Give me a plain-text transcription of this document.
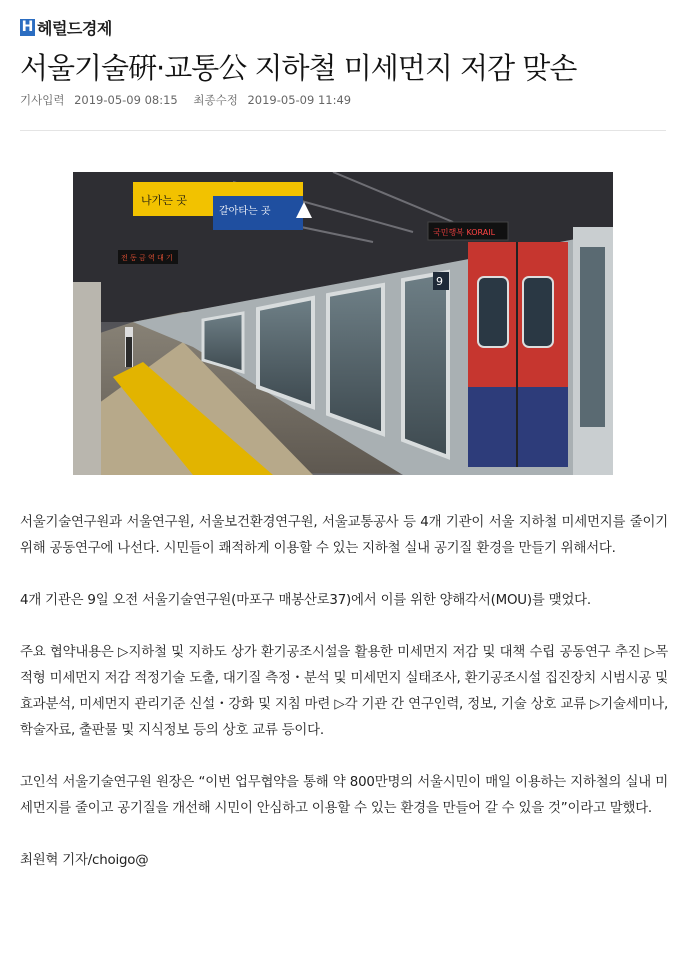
H 헤럴드경제
서울기술硏·교통公 지하철 미세먼지 저감 맞손
기사입력 2019-05-09 08:15 최종수정 2019-05-09 11:49
9
국민행복 KORAIL
나가는 곳
갈아타는 곳
전 동 금 역 대 기

서울기술연구원과 서울연구원, 서울보건환경연구원, 서울교통공사 등 4개 기관이 서울 지하철 미세먼지를 줄이기 위해 공동연구에 나선다. 시민들이 쾌적하게 이용할 수 있는 지하철 실내 공기질 환경을 만들기 위해서다.

4개 기관은 9일 오전 서울기술연구원(마포구 매봉산로37)에서 이를 위한 양해각서(MOU)를 맺었다.

주요 협약내용은 ▷지하철 및 지하도 상가 환기공조시설을 활용한 미세먼지 저감 및 대책 수립 공동연구 추진 ▷목적형 미세먼지 저감 적정기술 도출, 대기질 측정・분석 및 미세먼지 실태조사, 환기공조시설 집진장치 시범시공 및 효과분석, 미세먼지 관리기준 신설・강화 및 지침 마련 ▷각 기관 간 연구인력, 정보, 기술 상호 교류 ▷기술세미나, 학술자료, 출판물 및 지식정보 등의 상호 교류 등이다.

고인석 서울기술연구원 원장은 “이번 업무협약을 통해 약 800만명의 서울시민이 매일 이용하는 지하철의 실내 미세먼지를 줄이고 공기질을 개선해 시민이 안심하고 이용할 수 있는 환경을 만들어 갈 수 있을 것”이라고 말했다.

최원혁 기자/choigo@
